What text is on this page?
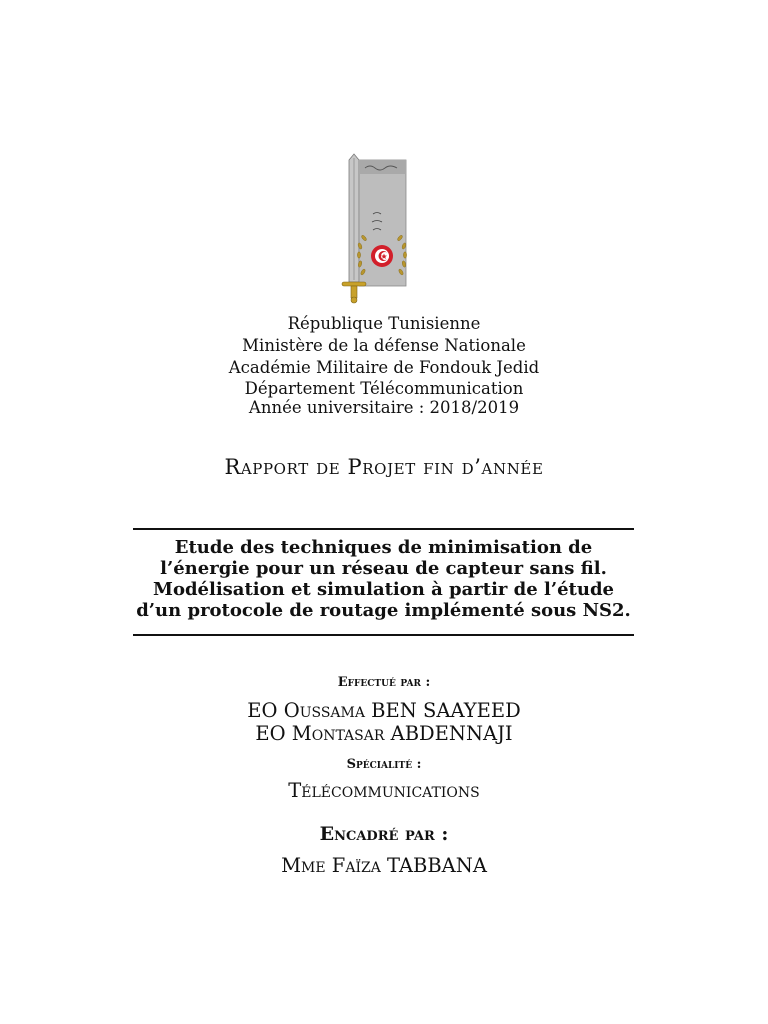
République Tunisienne
Ministère de la défense Nationale
Académie Militaire de Fondouk Jedid
Département Télécommunication
Année universitaire : 2018/2019
Rapport de Projet fin d’année
Etude des techniques de minimisation de
l’énergie pour un réseau de capteur sans fil.
Modélisation et simulation à partir de l’étude
d’un protocole de routage implémenté sous NS2.
Effectué par :
EO Oussama BEN SAAYEED
EO Montasar ABDENNAJI
Spécialité :
Télécommunications
Encadré par :
Mme Faïza TABBANA
